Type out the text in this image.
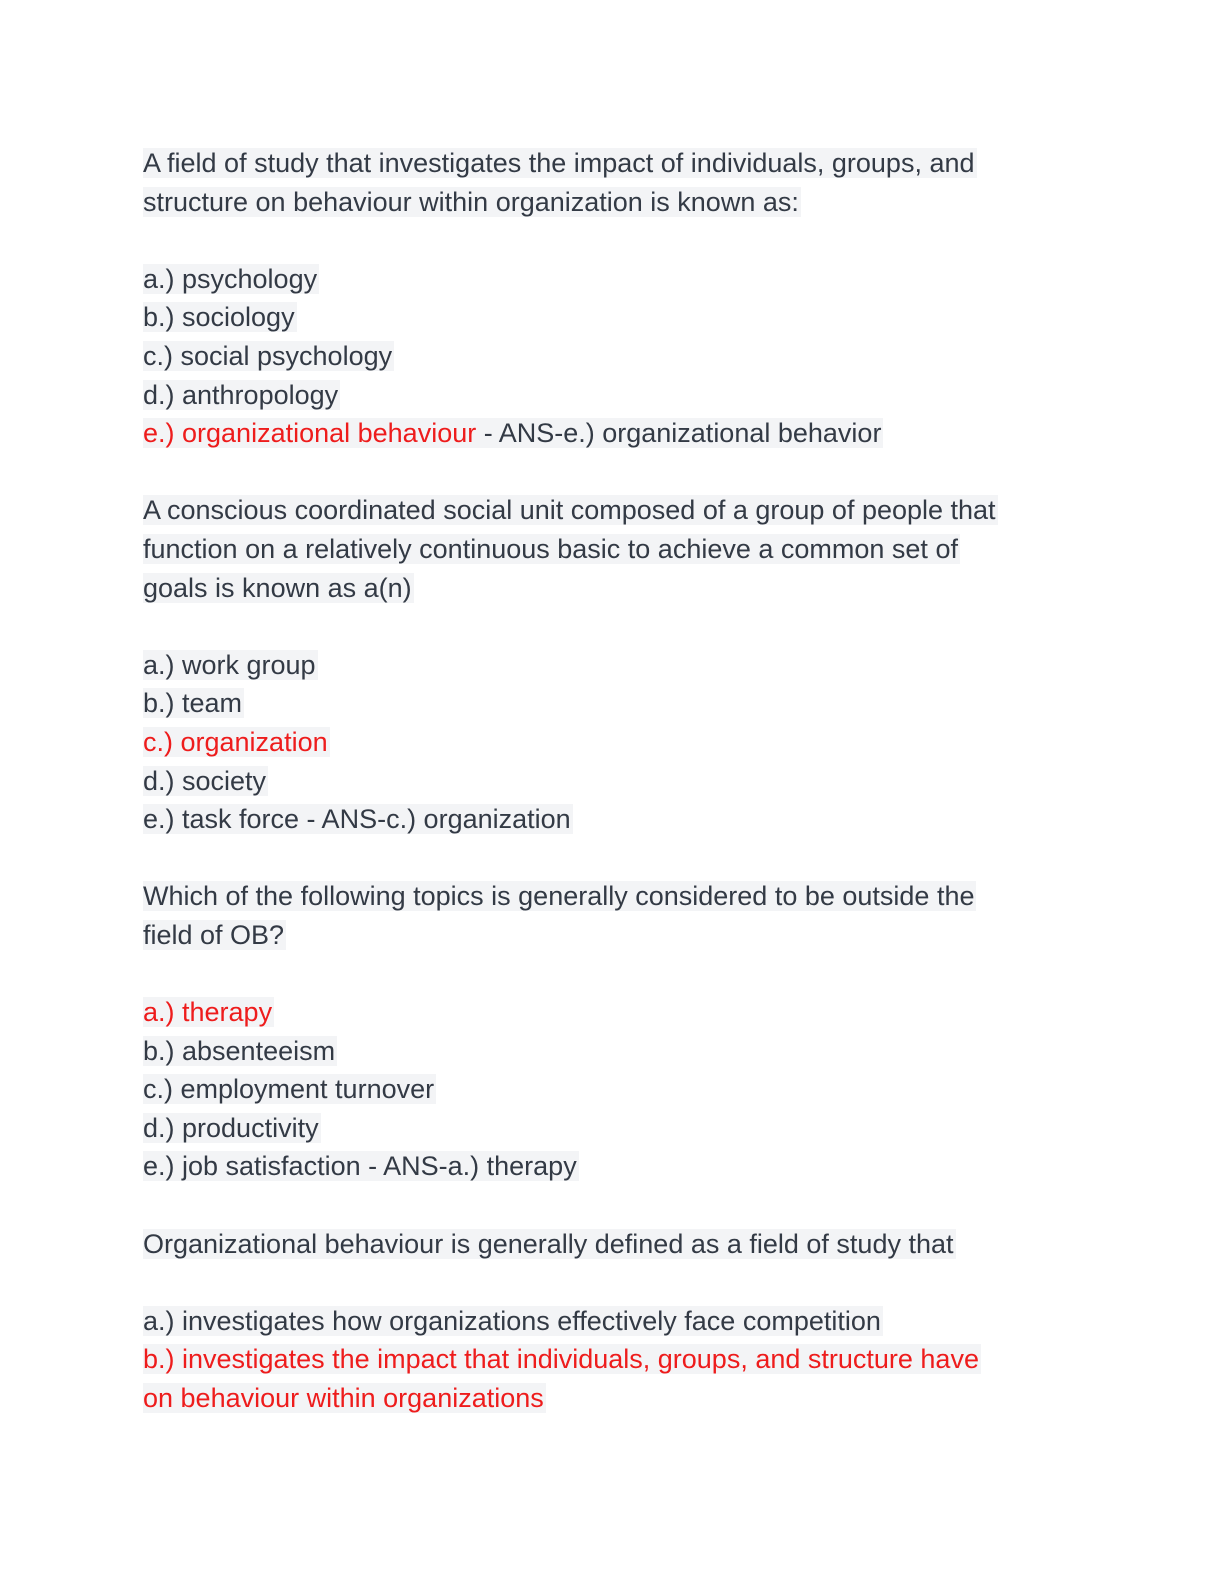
A field of study that investigates the impact of individuals, groups, and
structure on behaviour within organization is known as:
a.) psychology
b.) sociology
c.) social psychology
d.) anthropology
e.) organizational behaviour - ANS-e.) organizational behavior
A conscious coordinated social unit composed of a group of people that
function on a relatively continuous basic to achieve a common set of
goals is known as a(n)
a.) work group
b.) team
c.) organization
d.) society
e.) task force - ANS-c.) organization
Which of the following topics is generally considered to be outside the
field of OB?
a.) therapy
b.) absenteeism
c.) employment turnover
d.) productivity
e.) job satisfaction - ANS-a.) therapy
Organizational behaviour is generally defined as a field of study that
a.) investigates how organizations effectively face competition
b.) investigates the impact that individuals, groups, and structure have
on behaviour within organizations
